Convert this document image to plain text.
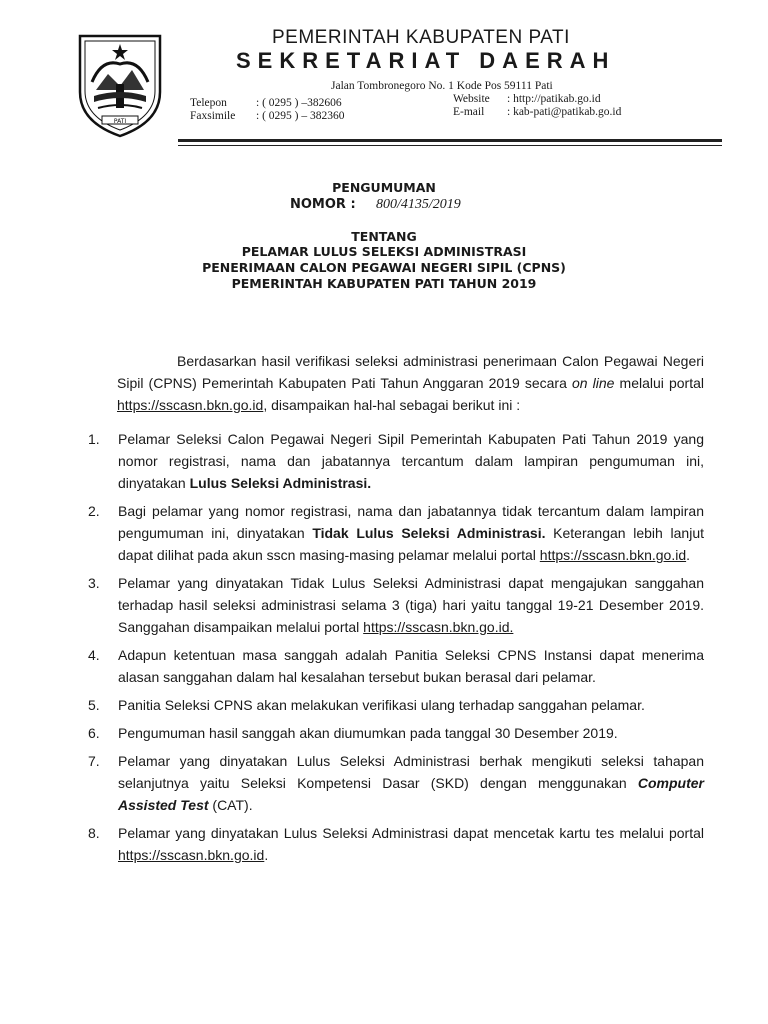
PATI
PEMERINTAH KABUPATEN PATI
SEKRETARIAT DAERAH
Jalan Tombronegoro No. 1 Kode Pos 59111 Pati
Telepon	: ( 0295 ) –382606
Faxsimile : ( 0295 ) – 382360
Website : http://patikab.go.id
E-mail : kab-pati@patikab.go.id
PENGUMUMAN
NOMOR : 800/4135/2019
TENTANG
PELAMAR LULUS SELEKSI ADMINISTRASI
PENERIMAAN CALON PEGAWAI NEGERI SIPIL (CPNS)
PEMERINTAH KABUPATEN PATI TAHUN 2019
Berdasarkan hasil verifikasi seleksi administrasi penerimaan Calon Pegawai Negeri Sipil (CPNS) Pemerintah Kabupaten Pati Tahun Anggaran 2019 secara on line melalui portal https://sscasn.bkn.go.id, disampaikan hal-hal sebagai berikut ini :
1.	Pelamar Seleksi Calon Pegawai Negeri Sipil Pemerintah Kabupaten Pati Tahun 2019 yang nomor registrasi, nama dan jabatannya tercantum dalam lampiran pengumuman ini, dinyatakan Lulus Seleksi Administrasi.
2.	Bagi pelamar yang nomor registrasi, nama dan jabatannya tidak tercantum dalam lampiran pengumuman ini, dinyatakan Tidak Lulus Seleksi Administrasi. Keterangan lebih lanjut dapat dilihat pada akun sscn masing-masing pelamar melalui portal https://sscasn.bkn.go.id.
3.	Pelamar yang dinyatakan Tidak Lulus Seleksi Administrasi dapat mengajukan sanggahan terhadap hasil seleksi administrasi selama 3 (tiga) hari yaitu tanggal 19-21 Desember 2019. Sanggahan disampaikan melalui portal https://sscasn.bkn.go.id.
4.	Adapun ketentuan masa sanggah adalah Panitia Seleksi CPNS Instansi dapat menerima alasan sanggahan dalam hal kesalahan tersebut bukan berasal dari pelamar.
5.	Panitia Seleksi CPNS akan melakukan verifikasi ulang terhadap sanggahan pelamar.
6.	Pengumuman hasil sanggah akan diumumkan pada tanggal 30 Desember 2019.
7.	Pelamar yang dinyatakan Lulus Seleksi Administrasi berhak mengikuti seleksi tahapan selanjutnya yaitu Seleksi Kompetensi Dasar (SKD) dengan menggunakan Computer Assisted Test (CAT).
8.	Pelamar yang dinyatakan Lulus Seleksi Administrasi dapat mencetak kartu tes melalui portal https://sscasn.bkn.go.id.
